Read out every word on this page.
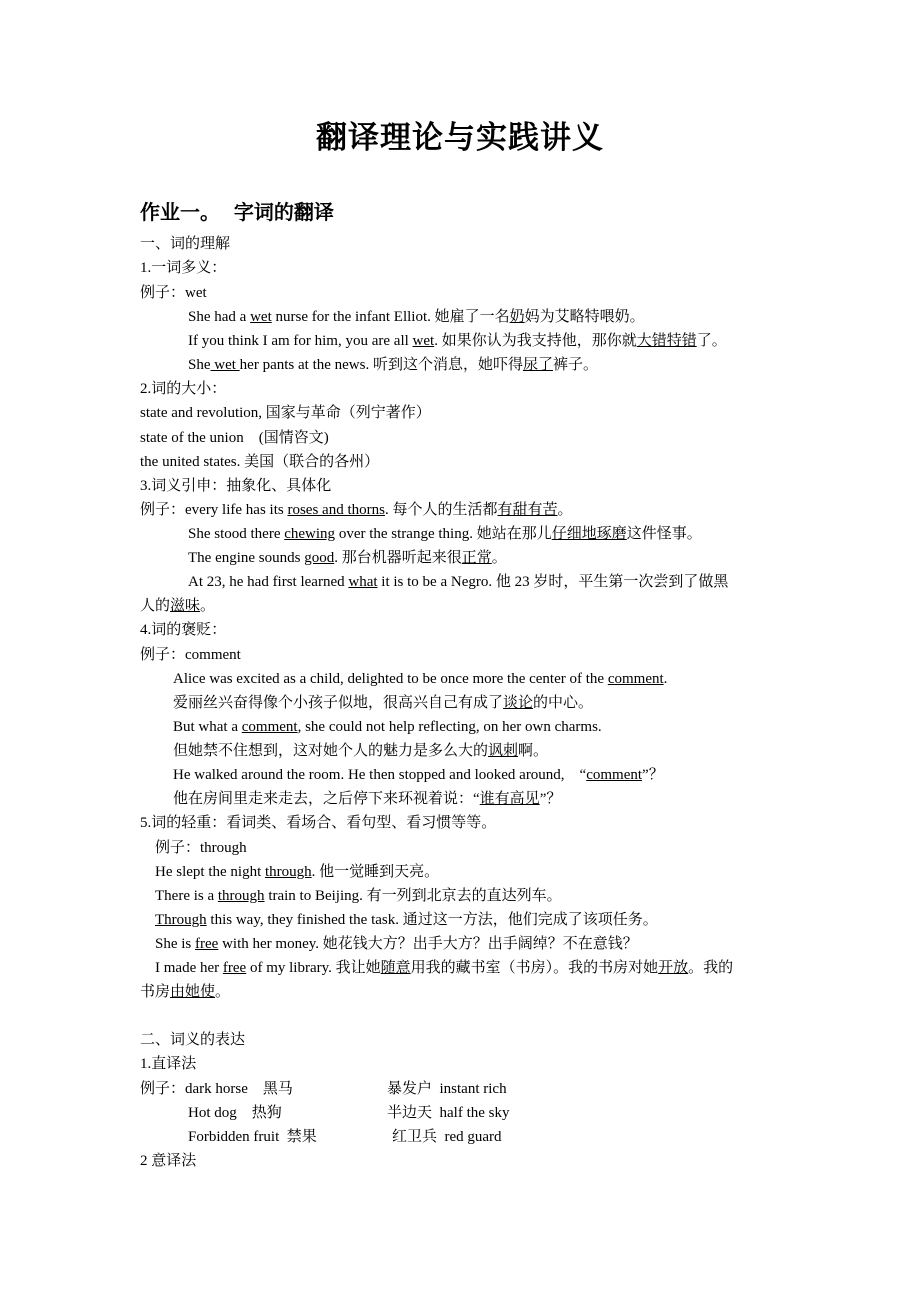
翻译理论与实践讲义
作业一。  字词的翻译
一、词的理解
1.一词多义：
例子：wet
She had a wet nurse for the infant Elliot. 她雇了一名奶妈为艾略特喂奶。
If you think I am for him, you are all wet. 如果你认为我支持他，那你就大错特错了。
She wet her pants at the news. 听到这个消息，她吓得尿了裤子。
2.词的大小：
state and revolution, 国家与革命（列宁著作）
state of the union    (国情咨文)
the united states. 美国（联合的各州）
3.词义引申：抽象化、具体化
例子：every life has its roses and thorns. 每个人的生活都有甜有苦。
She stood there chewing over the strange thing. 她站在那儿仔细地琢磨这件怪事。
The engine sounds good. 那台机器听起来很正常。
At 23, he had first learned what it is to be a Negro. 他 23 岁时，平生第一次尝到了做黑
人的滋味。
4.词的褒贬：
例子：comment
Alice was excited as a child, delighted to be once more the center of the comment.
爱丽丝兴奋得像个小孩子似地，很高兴自己有成了谈论的中心。
But what a comment, she could not help reflecting, on her own charms.
但她禁不住想到，这对她个人的魅力是多么大的讽刺啊。
He walked around the room. He then stopped and looked around,    “comment”？
他在房间里走来走去，之后停下来环视着说：“谁有高见”？
5.词的轻重：看词类、看场合、看句型、看习惯等等。
例子：through
He slept the night through. 他一觉睡到天亮。
There is a through train to Beijing. 有一列到北京去的直达列车。
Through this way, they finished the task. 通过这一方法，他们完成了该项任务。
She is free with her money. 她花钱大方？出手大方？出手阔绰？不在意钱？
I made her free of my library. 我让她随意用我的藏书室（书房）。我的书房对她开放。我的
书房由她使。
二、词义的表达
1.直译法
例子：dark horse    黑马	暴发户  instant rich
Hot dog    热狗	半边天  half the sky
Forbidden fruit  禁果	红卫兵  red guard
2 意译法
